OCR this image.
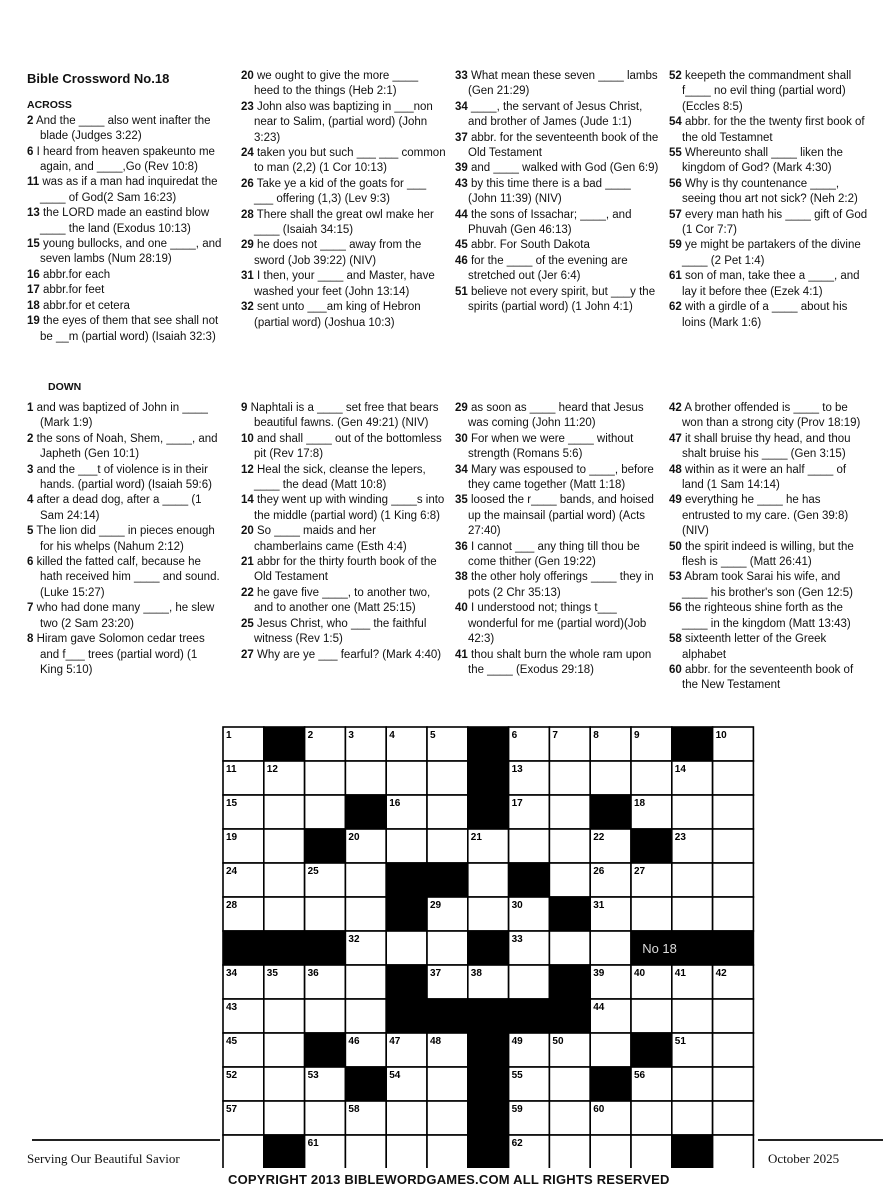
Bible Crossword No.18

ACROSS

2 And the ____ also went inafter the blade (Judges 3:22)

6 I heard from heaven spakeunto me again, and ____,Go (Rev 10:8)

11 was as if a man had inquiredat the ____ of God(2 Sam 16:23)

13 the LORD made an eastind blow ____ the land (Exodus 10:13)

15 young bullocks, and one ____, and seven lambs (Num 28:19)

16 abbr.for each

17 abbr.for feet

18 abbr.for et cetera

19 the eyes of them that see shall not be __m (partial word) (Isaiah 32:3)

20 we ought to give the more ____ heed to the things (Heb 2:1)

23 John also was baptizing in ___non near to Salim, (partial word) (John 3:23)

24 taken you but such ___ ___ common to man (2,2) (1 Cor 10:13)

26 Take ye a kid of the goats for ___ ___ offering (1,3) (Lev 9:3)

28 There shall the great owl make her ____ (Isaiah 34:15)

29 he does not ____ away from the sword (Job 39:22) (NIV)

31 I then, your ____ and Master, have washed your feet (John 13:14)

32 sent unto ___am king of Hebron (partial word) (Joshua 10:3)

33 What mean these seven ____ lambs (Gen 21:29)

34 ____, the servant of Jesus Christ, and brother of James (Jude 1:1)

37 abbr. for the seventeenth book of the Old Testament

39 and ____ walked with God (Gen 6:9)

43 by this time there is a bad ____ (John 11:39) (NIV)

44 the sons of Issachar; ____, and Phuvah (Gen 46:13)

45 abbr. For South Dakota

46 for the ____ of the evening are stretched out (Jer 6:4)

51 believe not every spirit, but ___y the spirits (partial word) (1 John 4:1)

52 keepeth the commandment shall f____ no evil thing (partial word) (Eccles 8:5)

54 abbr. for the the twenty first book of the old Testamnet

55 Whereunto shall ____ liken the kingdom of God? (Mark 4:30)

56 Why is thy countenance ____, seeing thou art not sick? (Neh 2:2)

57 every man hath his ____ gift of God (1 Cor 7:7)

59 ye might be partakers of the divine ____ (2 Pet 1:4)

61 son of man, take thee a ____, and lay it before thee (Ezek 4:1)

62 with a girdle of a ____ about his loins (Mark 1:6)

DOWN

1 and was baptized of John in ____ (Mark 1:9)

2 the sons of Noah, Shem, ____, and Japheth (Gen 10:1)

3 and the ___t of violence is in their hands. (partial word) (Isaiah 59:6)

4 after a dead dog, after a ____ (1 Sam 24:14)

5 The lion did ____ in pieces enough for his whelps (Nahum 2:12)

6 killed the fatted calf, because he hath received him ____ and sound. (Luke 15:27)

7 who had done many ____, he slew two (2 Sam 23:20)

8 Hiram gave Solomon cedar trees and f___ trees (partial word) (1 King 5:10)

9 Naphtali is a ____ set free that bears beautiful fawns. (Gen 49:21) (NIV)

10 and shall ____ out of the bottomless pit (Rev 17:8)

12 Heal the sick, cleanse the lepers, ____ the dead (Matt 10:8)

14 they went up with winding ____s into the middle (partial word) (1 King 6:8)

20 So ____ maids and her chamberlains came (Esth 4:4)

21 abbr for the thirty fourth book of the Old Testament

22 he gave five ____, to another two, and to another one (Matt 25:15)

25 Jesus Christ, who ___ the faithful witness (Rev 1:5)

27 Why are ye ___ fearful? (Mark 4:40)

29 as soon as ____ heard that Jesus was coming (John 11:20)

30 For when we were ____ without strength (Romans 5:6)

34 Mary was espoused to ____, before they came together (Matt 1:18)

35 loosed the r____ bands, and hoised up the mainsail (partial word) (Acts 27:40)

36 I cannot ___ any thing till thou be come thither (Gen 19:22)

38 the other holy offerings ____ they in pots (2 Chr 35:13)

40 I understood not; things t___ wonderful for me (partial word)(Job 42:3)

41 thou shalt burn the whole ram upon the ____ (Exodus 29:18)

42 A brother offended is ____ to be won than a strong city (Prov 18:19)

47 it shall bruise thy head, and thou shalt bruise his ____ (Gen 3:15)

48 within as it were an half ____ of land (1 Sam 14:14)

49 everything he ____ he has entrusted to my care. (Gen 39:8) (NIV)

50 the spirit indeed is willing, but the flesh is ____ (Matt 26:41)

53 Abram took Sarai his wife, and ____ his brother's son (Gen 12:5)

56 the righteous shine forth as the ____ in the kingdom (Matt 13:43)

58 sixteenth letter of the Greek alphabet

60 abbr. for the seventeenth book of the New Testament

1	2	3	4	5	6	7	8	9	10
11	12	13	14
15	16	17	18
19	20	21	22	23
24	25	26	27
28	29	30	31
32	33
34	35	36	37	38	39	40	41	42
43	44
45	46	47	48	49	50	51
52	53	54	55	56
57	58	59	60
61	62
No 18
Serving Our Beautiful Savior	October 2025
COPYRIGHT 2013 BIBLEWORDGAMES.COM ALL RIGHTS RESERVED
